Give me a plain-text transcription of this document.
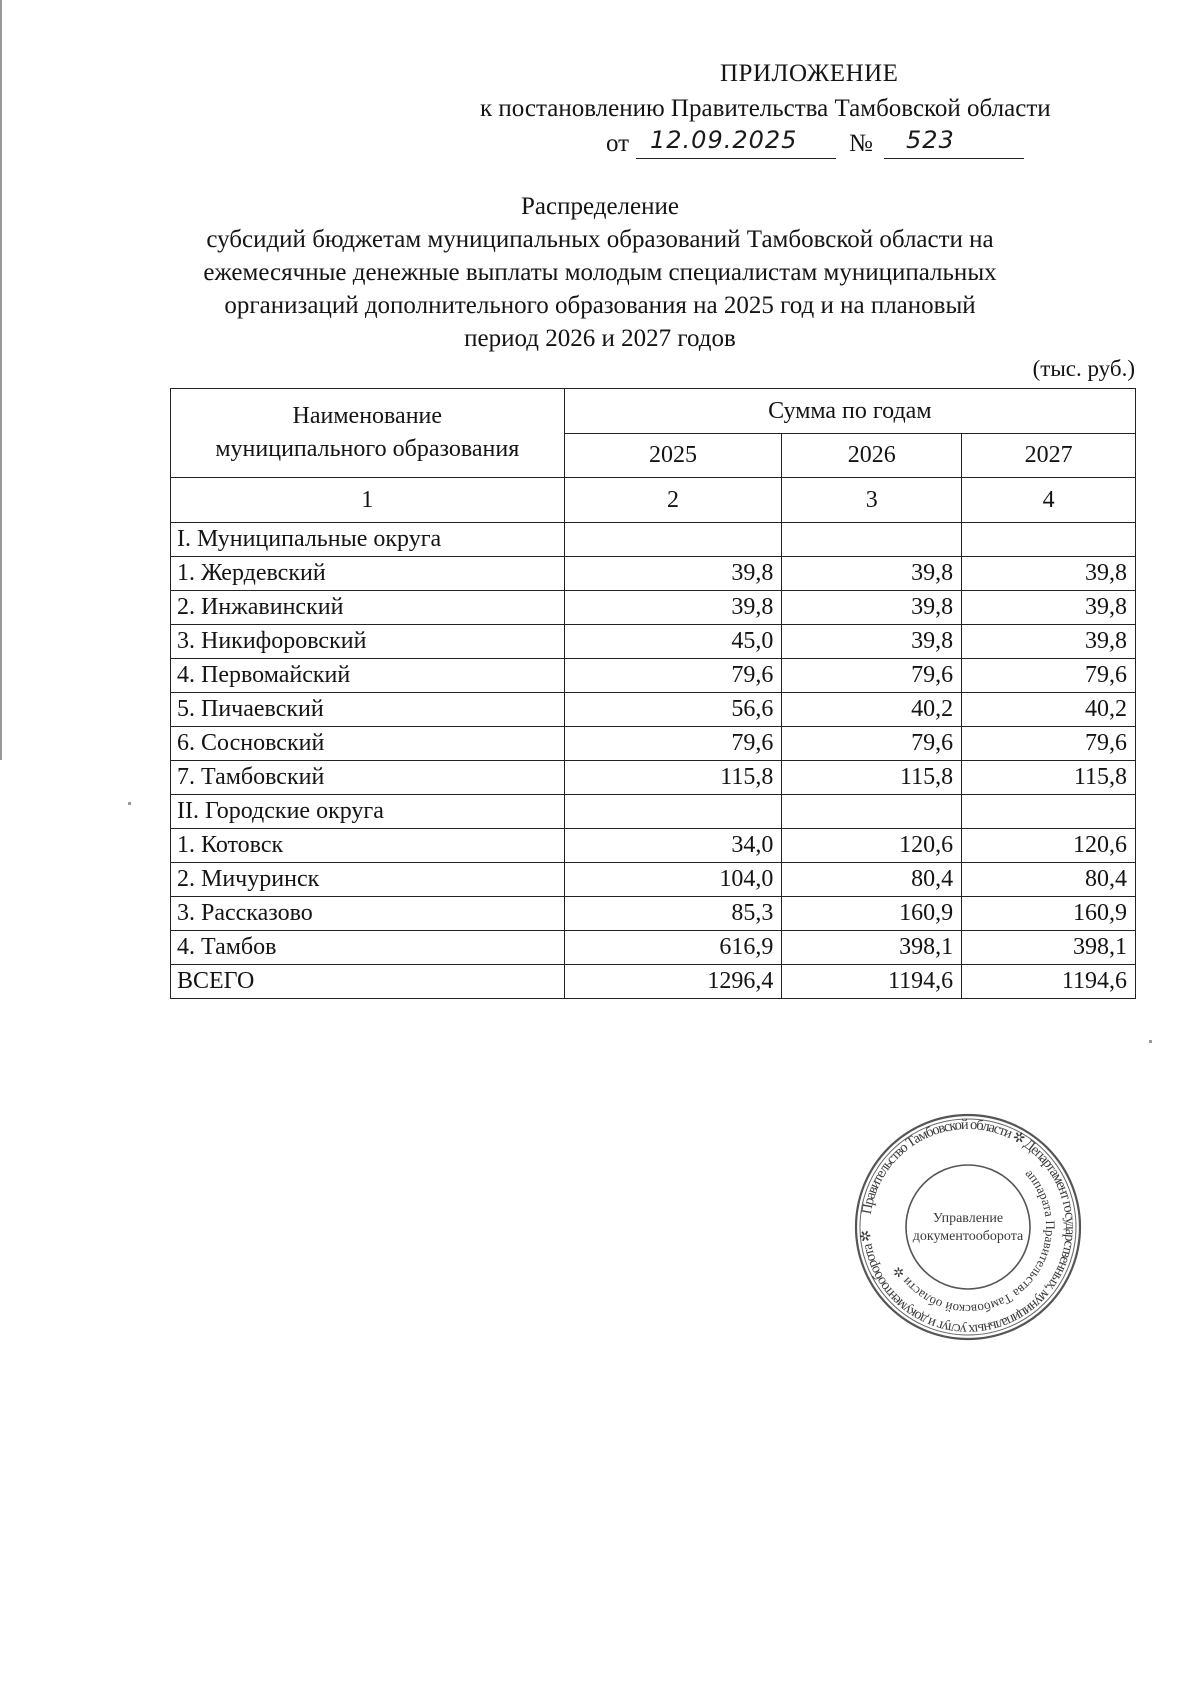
ПРИЛОЖЕНИЕ
к постановлению Правительства Тамбовской области
от 12.09.2025 № 523
Распределение
субсидий бюджетам муниципальных образований Тамбовской области на
ежемесячные денежные выплаты молодым специалистам муниципальных
организаций дополнительного образования на 2025 год и на плановый
период 2026 и 2027 годов
(тыс. руб.)
Наименование
муниципального образования	Сумма по годам		
	2025	2026	2027
1	2	3	4
I. Муниципальные округа			
1. Жердевский	39,8	39,8	39,8
2. Инжавинский	39,8	39,8	39,8
3. Никифоровский	45,0	39,8	39,8
4. Первомайский	79,6	79,6	79,6
5. Пичаевский	56,6	40,2	40,2
6. Сосновский	79,6	79,6	79,6
7. Тамбовский	115,8	115,8	115,8
II. Городские округа			
1. Котовск	34,0	120,6	120,6
2. Мичуринск	104,0	80,4	80,4
3. Рассказово	85,3	160,9	160,9
4. Тамбов	616,9	398,1	398,1
ВСЕГО	1296,4	1194,6	1194,6
Правительство Тамбовской области ✲ Департамент государственных, муниципальных услуг и документооборота ✲
аппарата Правительства Тамбовской области ✲
Управление
документооборота
